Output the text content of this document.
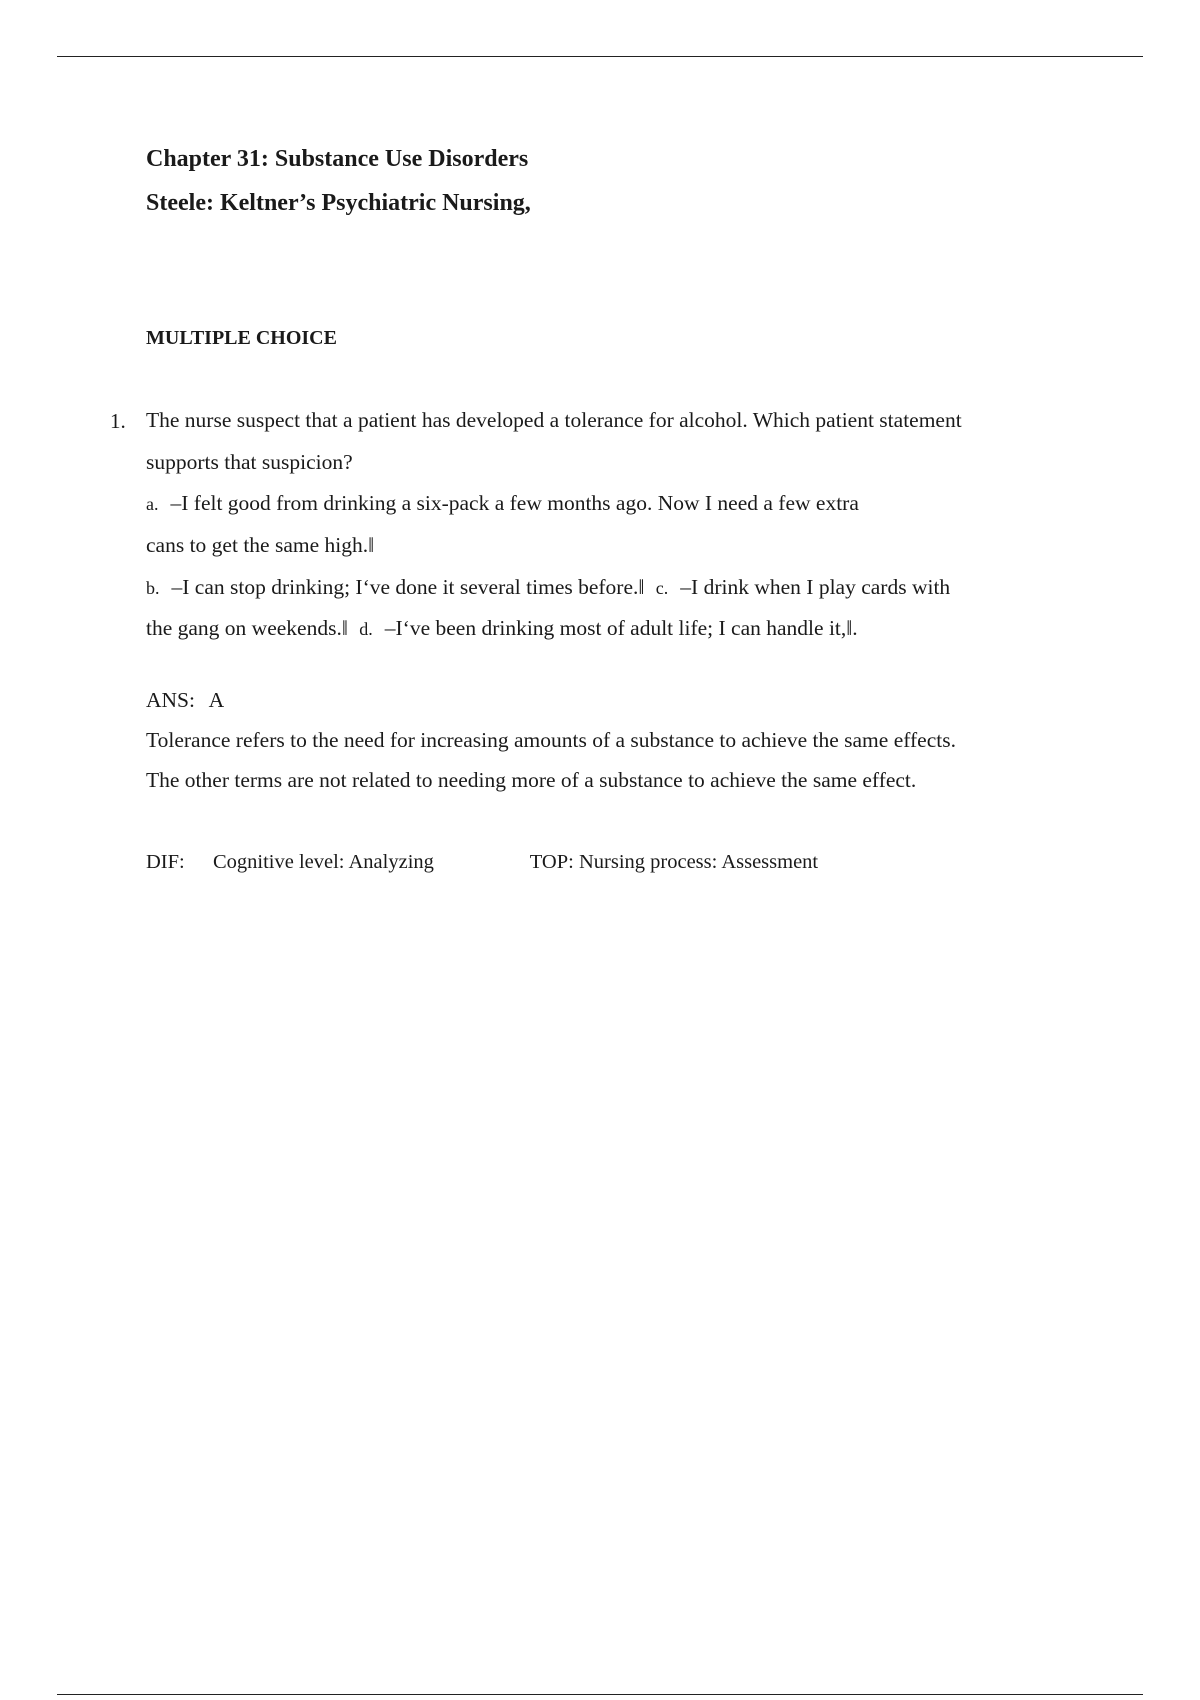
Chapter 31: Substance Use Disorders
Steele: Keltner’s Psychiatric Nursing,
MULTIPLE CHOICE
1. The nurse suspect that a patient has developed a tolerance for alcohol. Which patient statement
supports that suspicion?
a. –I felt good from drinking a six-pack a few months ago. Now I need a few extra
cans to get the same high.‖
b. –I can stop drinking; I‘ve done it several times before.‖ c. –I drink when I play cards with
the gang on weekends.‖ d. –I‘ve been drinking most of adult life; I can handle it,‖.
ANS: A
Tolerance refers to the need for increasing amounts of a substance to achieve the same effects.
The other terms are not related to needing more of a substance to achieve the same effect.
DIF: Cognitive level: Analyzing	TOP: Nursing process: Assessment
